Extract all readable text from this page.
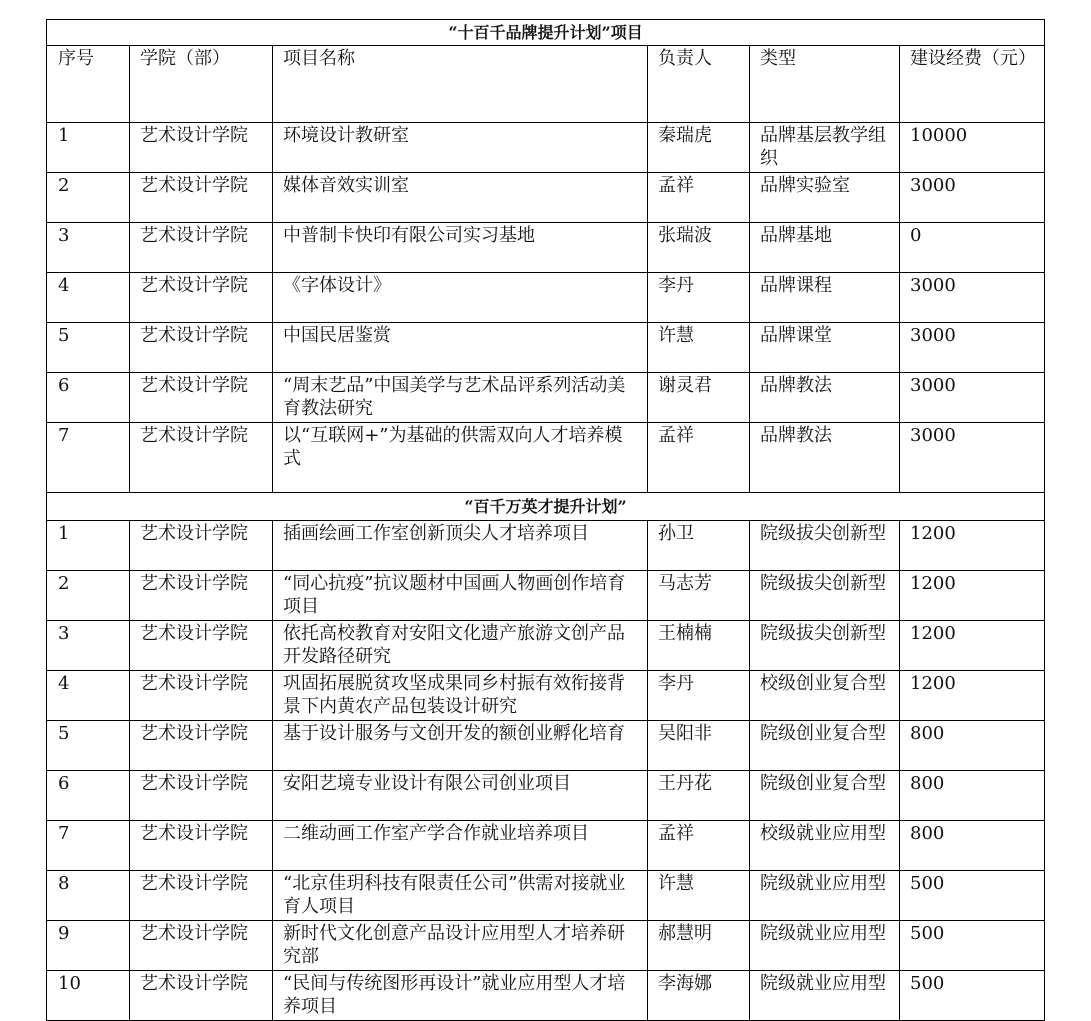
“十百千品牌提升计划”项目					
序号	学院（部）	项目名称	负责人	类型	建设经费（元）
1	艺术设计学院	环境设计教研室	秦瑞虎	品牌基层教学组织	10000
2	艺术设计学院	媒体音效实训室	孟祥	品牌实验室	3000
3	艺术设计学院	中普制卡快印有限公司实习基地	张瑞波	品牌基地	0
4	艺术设计学院	《字体设计》	李丹	品牌课程	3000
5	艺术设计学院	中国民居鉴赏	许慧	品牌课堂	3000
6	艺术设计学院	“周末艺品”中国美学与艺术品评系列活动美育教法研究	谢灵君	品牌教法	3000
7	艺术设计学院	以“互联网+”为基础的供需双向人才培养模式	孟祥	品牌教法	3000
“百千万英才提升计划”					
1	艺术设计学院	插画绘画工作室创新顶尖人才培养项目	孙卫	院级拔尖创新型	1200
2	艺术设计学院	“同心抗疫”抗议题材中国画人物画创作培育项目	马志芳	院级拔尖创新型	1200
3	艺术设计学院	依托高校教育对安阳文化遗产旅游文创产品开发路径研究	王楠楠	院级拔尖创新型	1200
4	艺术设计学院	巩固拓展脱贫攻坚成果同乡村振有效衔接背景下内黄农产品包装设计研究	李丹	校级创业复合型	1200
5	艺术设计学院	基于设计服务与文创开发的额创业孵化培育	吴阳非	院级创业复合型	800
6	艺术设计学院	安阳艺境专业设计有限公司创业项目	王丹花	院级创业复合型	800
7	艺术设计学院	二维动画工作室产学合作就业培养项目	孟祥	校级就业应用型	800
8	艺术设计学院	“北京佳玥科技有限责任公司”供需对接就业育人项目	许慧	院级就业应用型	500
9	艺术设计学院	新时代文化创意产品设计应用型人才培养研究部	郝慧明	院级就业应用型	500
10	艺术设计学院	“民间与传统图形再设计”就业应用型人才培养项目	李海娜	院级就业应用型	500
